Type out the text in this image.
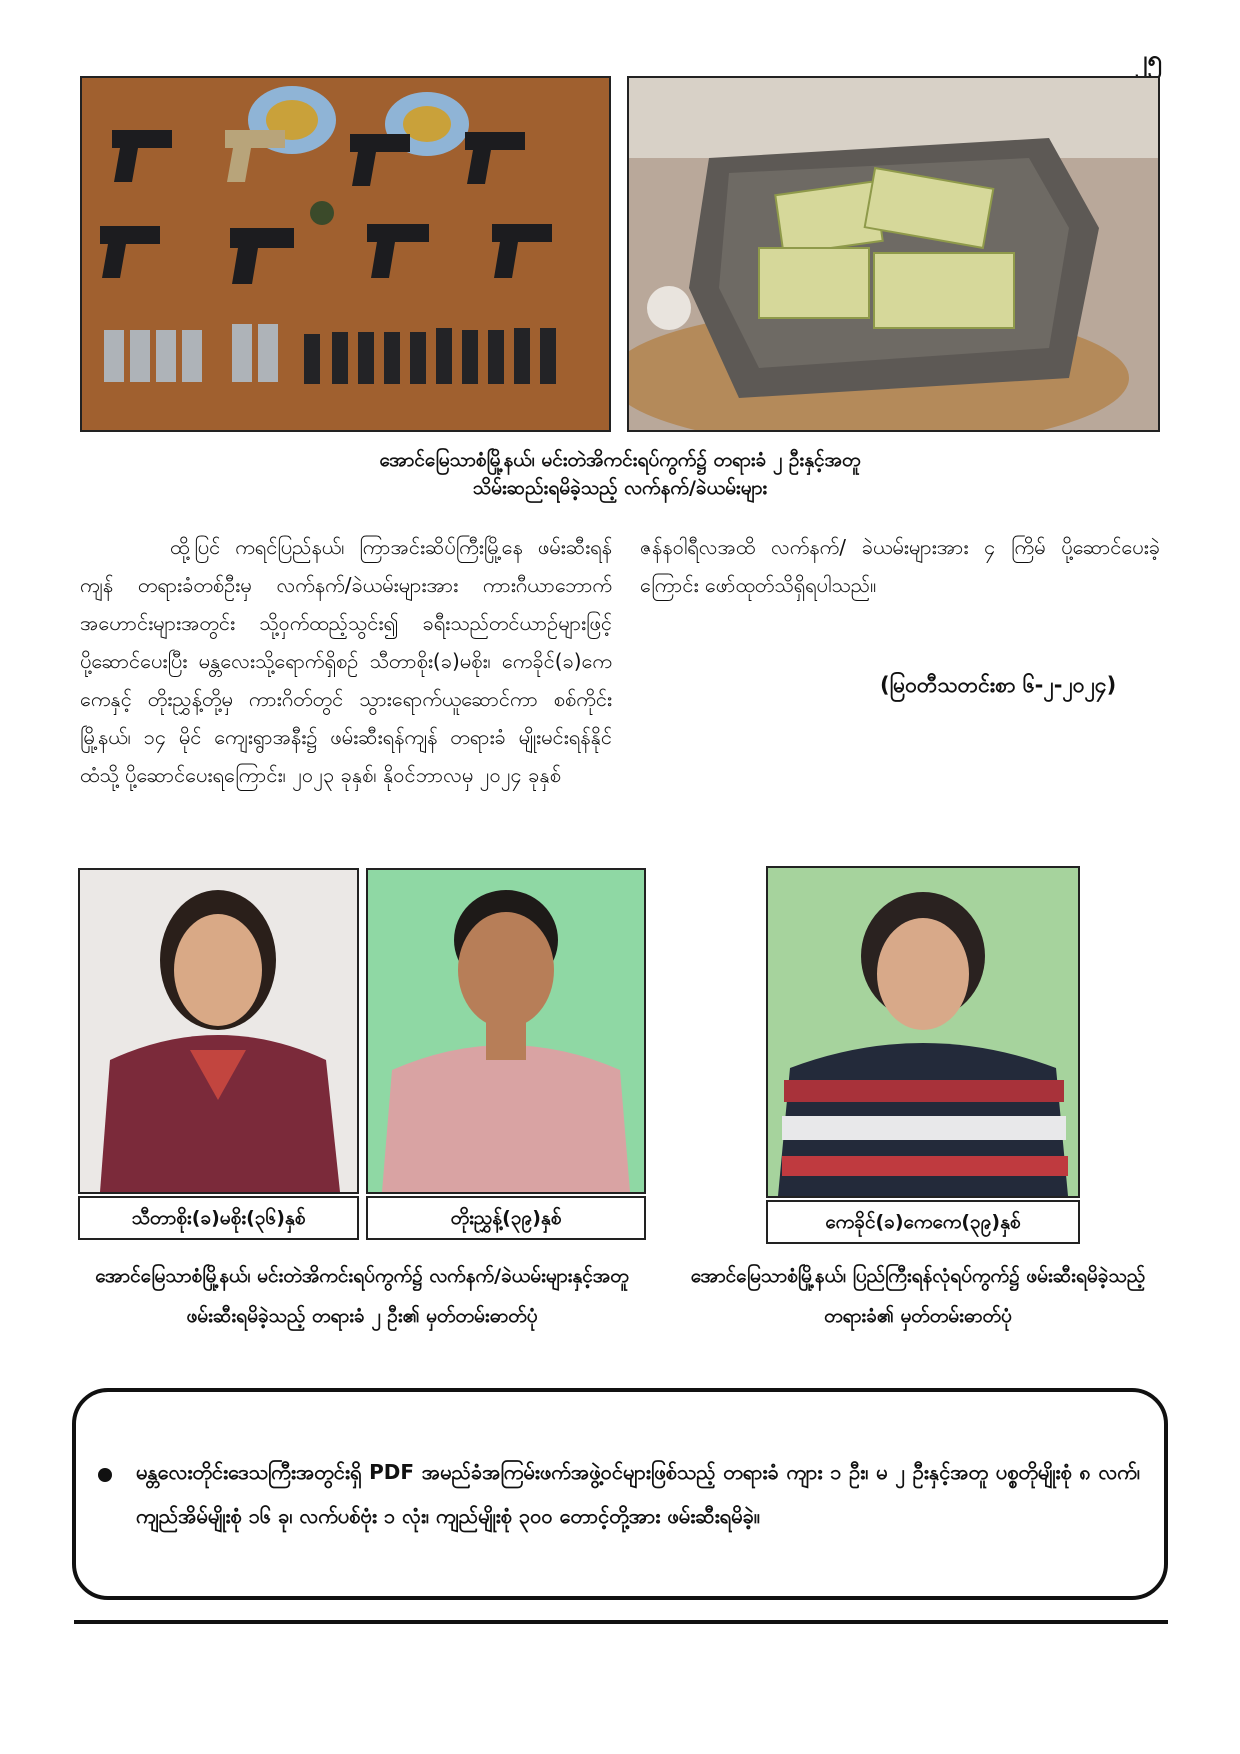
၂၅
အောင်မြေသာစံမြို့နယ်၊ မင်းတဲအိကင်းရပ်ကွက်၌ တရားခံ ၂ ဦးနှင့်အတူ
သိမ်းဆည်းရမိခဲ့သည့် လက်နက်/ခဲယမ်းများ

ထို့ပြင် ကရင်ပြည်နယ်၊ ကြာအင်းဆိပ်ကြီးမြို့နေ ဖမ်းဆီးရန်ကျန် တရားခံတစ်ဦးမှ လက်နက်/ခဲယမ်းများအား ကားဂီယာဘောက်အဟောင်းများအတွင်း သို့ဝှက်ထည့်သွင်း၍ ခရီးသည်တင်ယာဉ်များဖြင့် ပို့ဆောင်ပေးပြီး မန္တလေးသို့ရောက်ရှိစဉ် သီတာစိုး(ခ)မစိုး၊ ကေခိုင်(ခ)ကေကေနှင့် တိုးညွှန့်တို့မှ ကားဂိတ်တွင် သွားရောက်ယူဆောင်ကာ စစ်ကိုင်းမြို့နယ်၊ ၁၄ မိုင် ကျေးရွာအနီး၌ ဖမ်းဆီးရန်ကျန် တရားခံ မျိုးမင်းရန်နိုင်ထံသို့ ပို့ဆောင်ပေးရကြောင်း၊ ၂၀၂၃ ခုနှစ်၊ နိုဝင်ဘာလမှ ၂၀၂၄ ခုနှစ်

ဇန်နဝါရီလအထိ လက်နက်/ ခဲယမ်းများအား ၄ ကြိမ် ပို့ဆောင်ပေးခဲ့ကြောင်း ဖော်ထုတ်သိရှိရပါသည်။

(မြဝတီသတင်းစာ ၆-၂-၂၀၂၄)
သီတာစိုး(ခ)မစိုး(၃၆)နှစ်	တိုးညွှန့်(၃၉)နှစ်	ကေခိုင်(ခ)ကေကေ(၃၉)နှစ်
အောင်မြေသာစံမြို့နယ်၊ မင်းတဲအိကင်းရပ်ကွက်၌ လက်နက်/ခဲယမ်းများနှင့်အတူဖမ်းဆီးရမိခဲ့သည့် တရားခံ ၂ ဦး၏ မှတ်တမ်းဓာတ်ပုံ
အောင်မြေသာစံမြို့နယ်၊ ပြည်ကြီးရန်လုံရပ်ကွက်၌ ဖမ်းဆီးရမိခဲ့သည့်တရားခံ၏ မှတ်တမ်းဓာတ်ပုံ
မန္တလေးတိုင်းဒေသကြီးအတွင်းရှိ PDF အမည်ခံအကြမ်းဖက်အဖွဲ့ဝင်များဖြစ်သည့် တရားခံ ကျား ၁ ဦး၊ မ ၂ ဦးနှင့်အတူ ပစ္စတိုမျိုးစုံ ၈ လက်၊ ကျည်အိမ်မျိုးစုံ ၁၆ ခု၊ လက်ပစ်ဗုံး ၁ လုံး၊ ကျည်မျိုးစုံ ၃၀၀ တောင့်တို့အား ဖမ်းဆီးရမိခဲ့။
